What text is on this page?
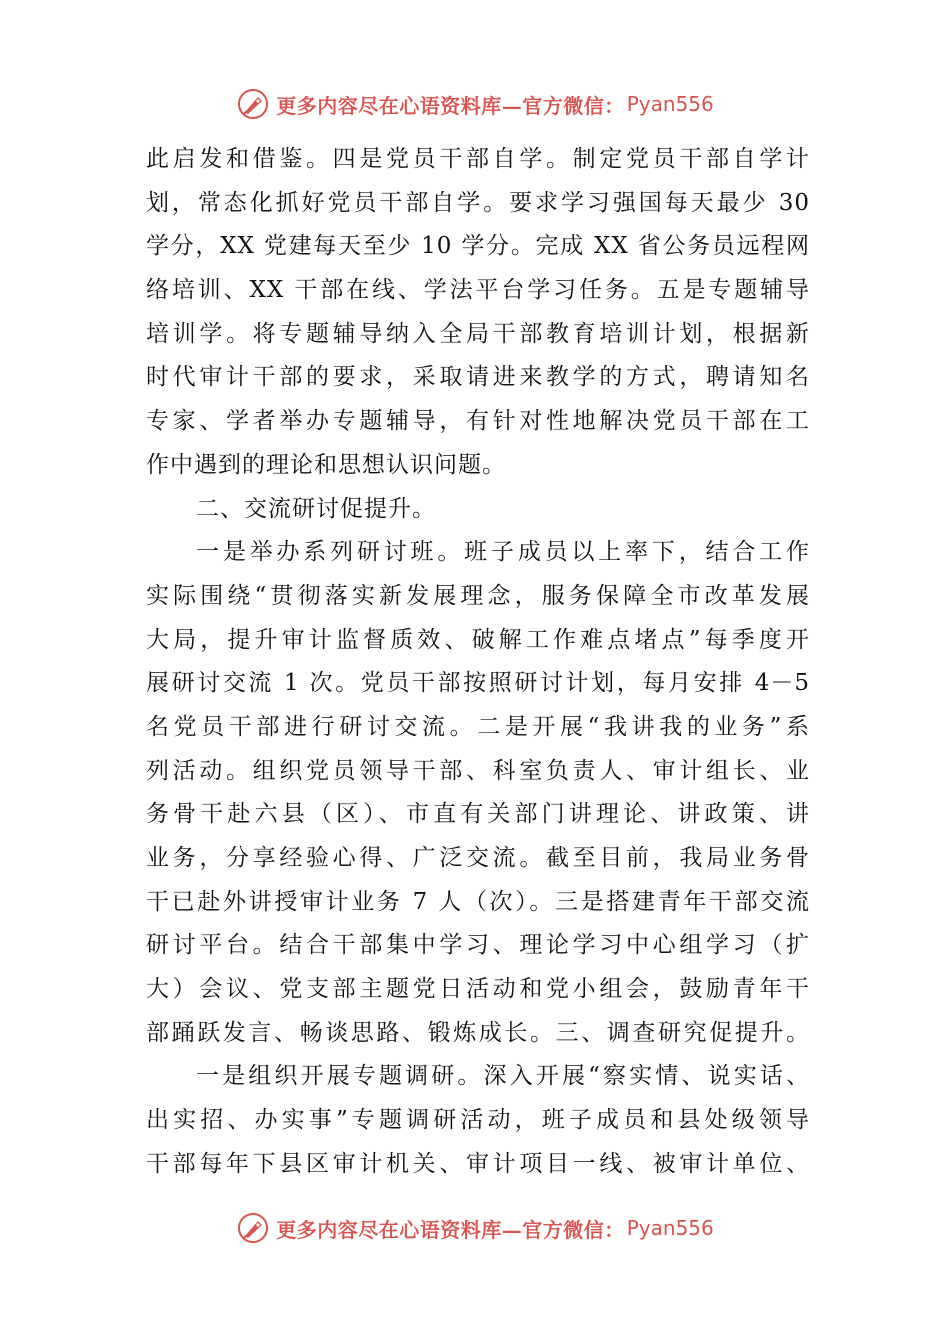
更多内容尽在心语资料库—官方微信： Pyan556
此启发和借鉴。四是党员干部自学。制定党员干部自学计
划，常态化抓好党员干部自学。要求学习强国每天最少 30
学分，XX 党建每天至少 10 学分。完成 XX 省公务员远程网
络培训、XX 干部在线、学法平台学习任务。五是专题辅导
培训学。将专题辅导纳入全局干部教育培训计划，根据新
时代审计干部的要求，采取请进来教学的方式，聘请知名
专家、学者举办专题辅导，有针对性地解决党员干部在工
作中遇到的理论和思想认识问题。
二、交流研讨促提升。
一是举办系列研讨班。班子成员以上率下，结合工作
实际围绕“贯彻落实新发展理念，服务保障全市改革发展
大局，提升审计监督质效、破解工作难点堵点”每季度开
展研讨交流 1 次。党员干部按照研讨计划，每月安排 4－5
名党员干部进行研讨交流。二是开展“我讲我的业务”系
列活动。组织党员领导干部、科室负责人、审计组长、业
务骨干赴六县（区）、市直有关部门讲理论、讲政策、讲
业务，分享经验心得、广泛交流。截至目前，我局业务骨
干已赴外讲授审计业务 7 人（次）。三是搭建青年干部交流
研讨平台。结合干部集中学习、理论学习中心组学习（扩
大）会议、党支部主题党日活动和党小组会，鼓励青年干
部踊跃发言、畅谈思路、锻炼成长。三、调查研究促提升。
一是组织开展专题调研。深入开展“察实情、说实话、
出实招、办实事”专题调研活动，班子成员和县处级领导
干部每年下县区审计机关、审计项目一线、被审计单位、
更多内容尽在心语资料库—官方微信： Pyan556
